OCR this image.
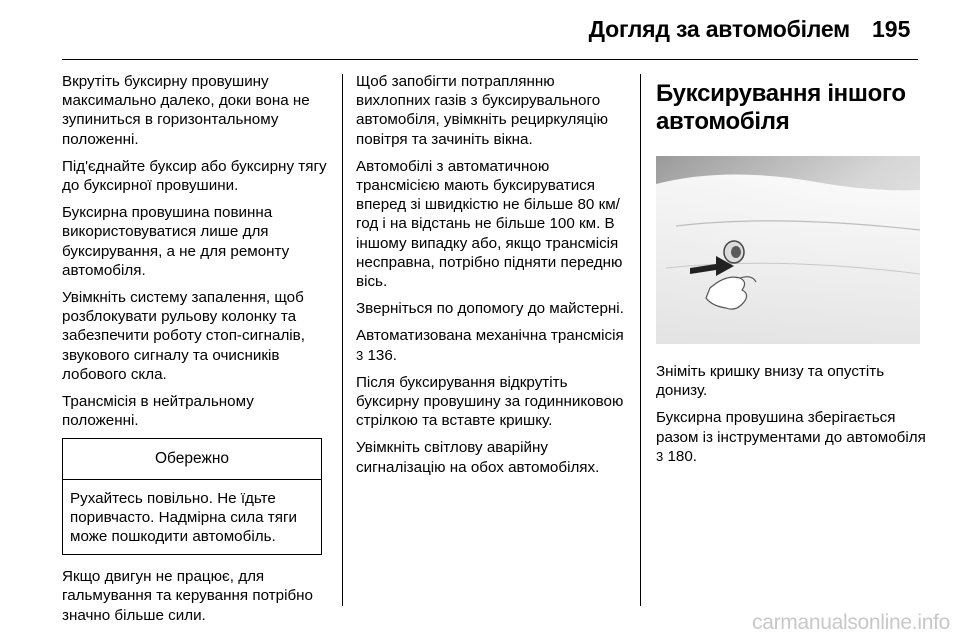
Догляд за автомобілем 195

Вкрутіть буксирну провушину максимально далеко, доки вона не зупиниться в горизонтальному положенні.

Під'єднайте буксир або буксирну тягу до буксирної провушини.

Буксирна провушина повинна використовуватися лише для буксирування, а не для ремонту автомобіля.

Увімкніть систему запалення, щоб розблокувати рульову колонку та забезпечити роботу стоп-сигналів, звукового сигналу та очисників лобового скла.

Трансмісія в нейтральному положенні.

Обережно
Рухайтесь повільно. Не їдьте поривчасто. Надмірна сила тяги може пошкодити автомобіль.

Якщо двигун не працює, для гальмування та керування потрібно значно більше сили.

Щоб запобігти потраплянню вихлопних газів з буксирувального автомобіля, увімкніть рециркуляцію повітря та зачиніть вікна.

Автомобілі з автоматичною трансмісією мають буксируватися вперед зі швидкістю не більше 80 км/год і на відстань не більше 100 км. В іншому випадку або, якщо трансмісія несправна, потрібно підняти передню вісь.

Зверніться по допомогу до майстерні.

Автоматизована механічна трансмісія 3 136.

Після буксирування відкрутіть буксирну провушину за годинниковою стрілкою та вставте кришку.

Увімкніть світлову аварійну сигналізацію на обох автомобілях.

Буксирування іншого автомобіля

Зніміть кришку внизу та опустіть донизу.

Буксирна провушина зберігається разом із інструментами до автомобіля 3 180.

carmanualsonline.info
